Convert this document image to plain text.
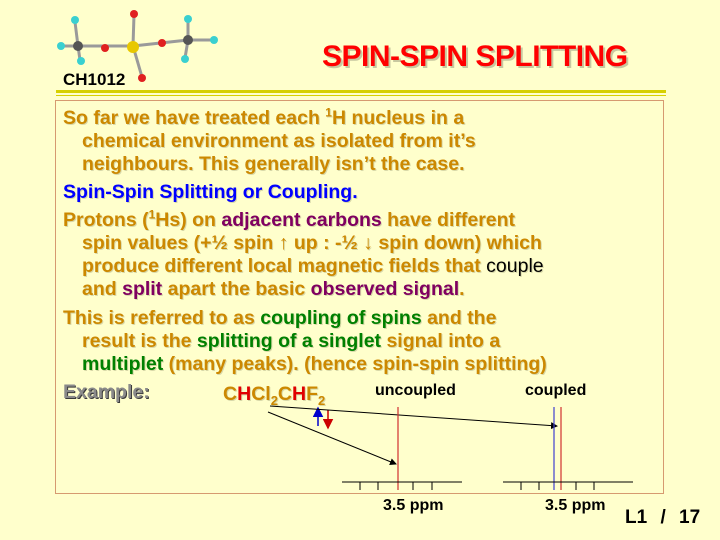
SPIN-SPIN SPLITTING
CH1012
So far we have treated each $^1$H nucleus in a
chemical environment as isolated from it’s
neighbours. This generally isn’t the case.
Spin-Spin Splitting or Coupling.
Protons ($^1$Hs) on adjacent carbons have different
spin values (+½ spin ↑ up : -½ ↓ spin down) which
produce different local magnetic fields that couple
and split apart the basic observed signal.
This is referred to as coupling of spins and the
result is the splitting of a singlet signal into a
multiplet (many peaks). (hence spin-spin splitting)
Example:	$CHCl_2CHF_2$
uncoupled	coupled
3.5 ppm	3.5 ppm
L1 / 17
